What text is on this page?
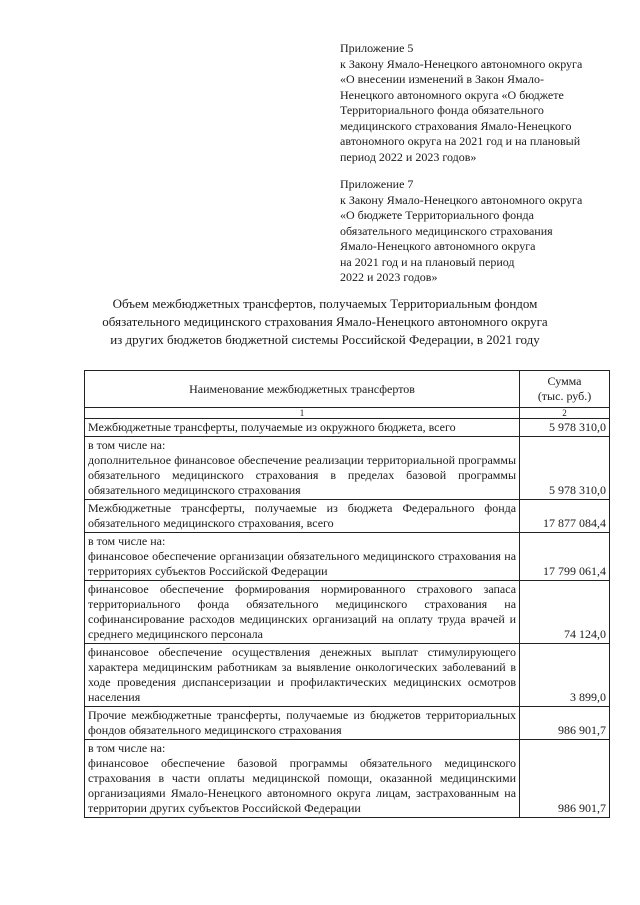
Приложение 5

к Закону Ямало-Ненецкого автономного округа

«О внесении изменений в Закон Ямало-

Ненецкого автономного округа «О бюджете

Территориального фонда обязательного

медицинского страхования Ямало-Ненецкого

автономного округа на 2021 год и на плановый

период 2022 и 2023 годов»

Приложение 7

к Закону Ямало-Ненецкого автономного округа

«О бюджете Территориального фонда

обязательного медицинского страхования

Ямало-Ненецкого автономного округа

на 2021 год и на плановый период

2022 и 2023 годов»

Объем межбюджетных трансфертов, получаемых Территориальным фондом

обязательного медицинского страхования Ямало-Ненецкого автономного округа

из других бюджетов бюджетной системы Российской Федерации, в 2021 году

Наименование межбюджетных трансфертов	Сумма
(тыс. руб.)

1	2

Межбюджетные трансферты, получаемые из окружного бюджета, всего	5 978 310,0

в том числе на:

дополнительное финансовое обеспечение реализации территориальной программы обязательного медицинского страхования в пределах базовой программы обязательного медицинского страхования	5 978 310,0

Межбюджетные трансферты, получаемые из бюджета Федерального фонда обязательного медицинского страхования, всего	17 877 084,4

в том числе на:

финансовое обеспечение организации обязательного медицинского страхования на территориях субъектов Российской Федерации	17 799 061,4

финансовое обеспечение формирования нормированного страхового запаса территориального фонда обязательного медицинского страхования на софинансирование расходов медицинских организаций на оплату труда врачей и среднего медицинского персонала	74 124,0

финансовое обеспечение осуществления денежных выплат стимулирующего характера медицинским работникам за выявление онкологических заболеваний в ходе проведения диспансеризации и профилактических медицинских осмотров населения	3 899,0

Прочие межбюджетные трансферты, получаемые из бюджетов территориальных фондов обязательного медицинского страхования	986 901,7

в том числе на:

финансовое обеспечение базовой программы обязательного медицинского страхования в части оплаты медицинской помощи, оказанной медицинскими организациями Ямало-Ненецкого автономного округа лицам, застрахованным на территории других субъектов Российской Федерации	986 901,7
